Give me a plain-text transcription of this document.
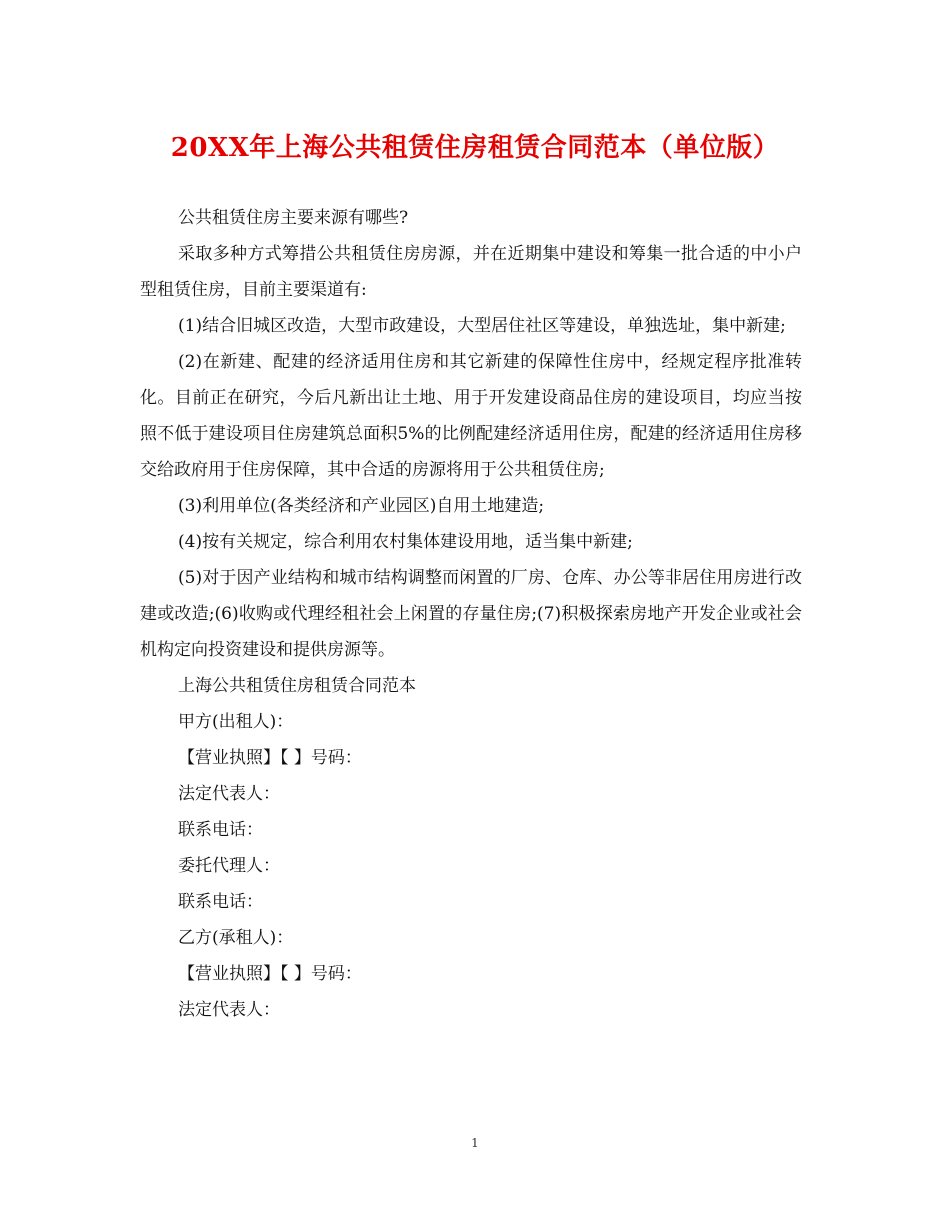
20XX年上海公共租赁住房租赁合同范本（单位版）

公共租赁住房主要来源有哪些?

采取多种方式筹措公共租赁住房房源，并在近期集中建设和筹集一批合适的中小户型租赁住房，目前主要渠道有:

(1)结合旧城区改造，大型市政建设，大型居住社区等建设，单独选址，集中新建;

(2)在新建、配建的经济适用住房和其它新建的保障性住房中，经规定程序批准转化。目前正在研究，今后凡新出让土地、用于开发建设商品住房的建设项目，均应当按照不低于建设项目住房建筑总面积5%的比例配建经济适用住房，配建的经济适用住房移交给政府用于住房保障，其中合适的房源将用于公共租赁住房;

(3)利用单位(各类经济和产业园区)自用土地建造;

(4)按有关规定，综合利用农村集体建设用地，适当集中新建;

(5)对于因产业结构和城市结构调整而闲置的厂房、仓库、办公等非居住用房进行改建或改造;(6)收购或代理经租社会上闲置的存量住房;(7)积极探索房地产开发企业或社会机构定向投资建设和提供房源等。

上海公共租赁住房租赁合同范本

甲方(出租人)：

【营业执照】【 】号码：

法定代表人：

联系电话：

委托代理人：

联系电话：

乙方(承租人)：

【营业执照】【 】号码：

法定代表人：

1
